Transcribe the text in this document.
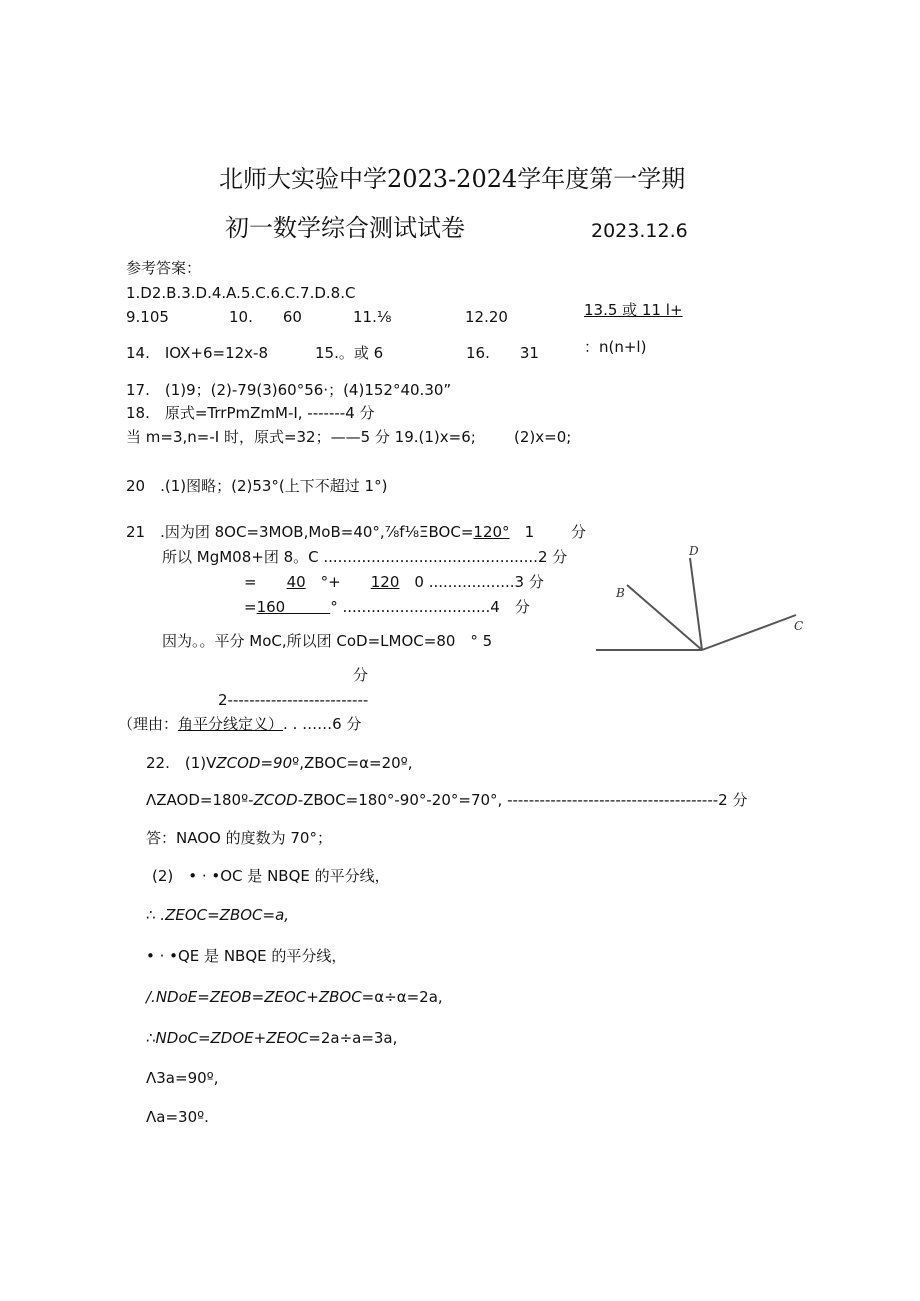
北师大实验中学2023-2024学年度第一学期
初一数学综合测试试卷	2023.12.6
参考答案：
1.D2.B.3.D.4.A.5.C.6.C.7.D.8.C
9.105	10.　　60	11.⅛	12.20	13.5 或 11 l+
：n(n+l)
14.　IOX+6=12x-8	15.。或 6	16.　　31
17.　(1)9；(2)-79(3)60°56·；(4)152°40.30”
18.　原式=TrrPmZmM-I, -------4 分
当 m=3,n=-I 时，原式=32；——5 分 19.(1)x=6;	(2)x=0;
20　.(1)图略；(2)53°(上下不超过 1°)
21　.因为团 8OC=3MOB,MoB=40°,⅞f⅛ΞBOC=120°　1 分
所以 MgM08+团 8。C .............................................2 分
=　　40　°+　　120　0 ..................3 分
=160　　　° ...............................4　分
因为。。平分 MoC,所以团 CoD=LMOC=80　° 5
分
2--------------------------
（理由：角平分线定义）. . ……6 分
D
B
C
22.　(1)VZCOD=90º,ZBOC=α=20º,
ΛZAOD=180º-ZCOD-ZBOC=180°-90°-20°=70°, ---------------------------------------2 分
答：NAOO 的度数为 70°；
(2)　• · •OC 是 NBQE 的平分线，
∴ .ZEOC=ZBOC=a,
• · •QE 是 NBQE 的平分线，
/.NDoE=ZEOB=ZEOC+ZBOC=α÷α=2a,
∴NDoC=ZDOE+ZEOC=2a÷a=3a,
Λ3a=90º,
Λa=30º.
